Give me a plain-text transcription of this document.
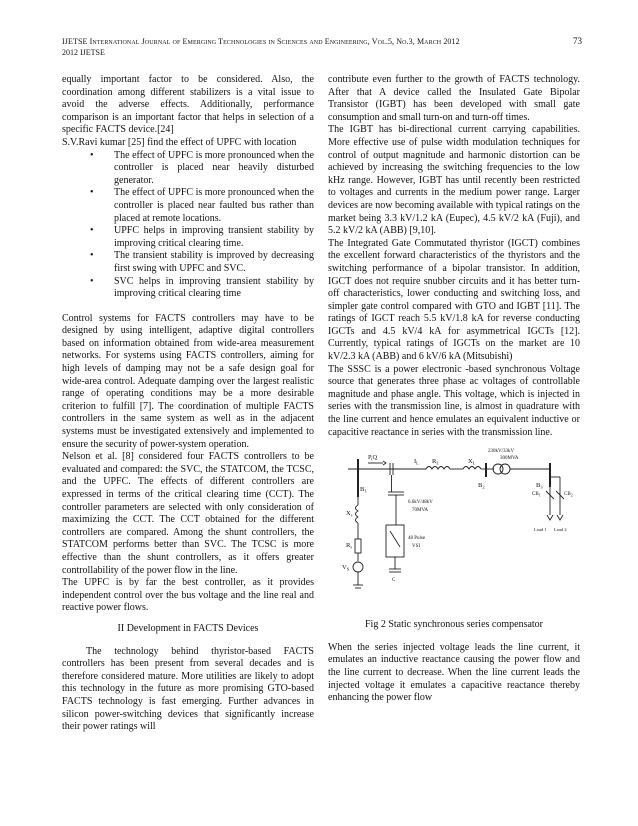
IJETSE International Journal of Emerging Technologies in Sciences and Engineering, Vol.5, No.3, March 2012
2012 IJETSE
73

equally important factor to be considered. Also, the coordination among different stabilizers is a vital issue to avoid the adverse effects. Additionally, performance comparison is an important factor that helps in selection of a specific FACTS device.[24]

S.V.Ravi kumar [25] find the effect of UPFC with location

• The effect of UPFC is more pronounced when the controller is placed near heavily disturbed generator.

• The effect of UPFC is more pronounced when the controller is placed near faulted bus rather than placed at remote locations.

• UPFC helps in improving transient stability by improving critical clearing time.

• The transient stability is improved by decreasing first swing with UPFC and SVC.

• SVC helps in improving transient stability by improving critical clearing time

Control systems for FACTS controllers may have to be designed by using intelligent, adaptive digital controllers based on information obtained from wide-area measurement networks. For systems using FACTS controllers, aiming for high levels of damping may not be a safe design goal for wide-area control. Adequate damping over the largest realistic range of operating conditions may be a more desirable criterion to fulfill [7]. The coordination of multiple FACTS controllers in the same system as well as in the adjacent systems must be investigated extensively and implemented to ensure the security of power-system operation.

Nelson et al. [8] considered four FACTS controllers to be evaluated and compared: the SVC, the STATCOM, the TCSC, and the UPFC. The effects of different controllers are expressed in terms of the critical clearing time (CCT). The controller parameters are selected with only consideration of maximizing the CCT. The CCT obtained for the different controllers are compared. Among the shunt controllers, the STATCOM performs better than SVC. The TCSC is more effective than the shunt controllers, as it offers greater controllability of the power flow in the line.

The UPFC is by far the best controller, as it provides independent control over the bus voltage and the line real and reactive power flows.

II Development in FACTS Devices

The technology behind thyristor-based FACTS controllers has been present from several decades and is therefore considered mature. More utilities are likely to adopt this technology in the future as more promising GTO-based FACTS technology is fast emerging. Further advances in silicon power-switching devices that significantly increase their power ratings will

contribute even further to the growth of FACTS technology. After that A device called the Insulated Gate Bipolar Transistor (IGBT) has been developed with small gate consumption and small turn-on and turn-off times.

The IGBT has bi-directional current carrying capabilities. More effective use of pulse width modulation techniques for control of output magnitude and harmonic distortion can be achieved by increasing the switching frequencies to the low kHz range. However, IGBT has until recently been restricted to voltages and currents in the medium power range. Larger devices are now becoming available with typical ratings on the market being 3.3 kV/1.2 kA (Eupec), 4.5 kV/2 kA (Fuji), and 5.2 kV/2 kA (ABB) [9,10].

The Integrated Gate Commutated thyristor (IGCT) combines the excellent forward characteristics of the thyristors and the switching performance of a bipolar transistor. In addition, IGCT does not require snubber circuits and it has better turn-off characteristics, lower conducting and switching loss, and simpler gate control compared with GTO and IGBT [11]. The ratings of IGCT reach 5.5 kV/1.8 kA for reverse conducting IGCTs and 4.5 kV/4 kA for asymmetrical IGCTs [12]. Currently, typical ratings of IGCTs on the market are 10 kV/2.3 kA (ABB) and 6 kV/6 kA (Mitsubishi)

The SSSC is a power electronic -based synchronous Voltage source that generates three phase ac voltages of controllable magnitude and phase angle. This voltage, which is injected in series with the transmission line, is almost in quadrature with the line current and hence emulates an equivalent inductive or capacitive reactance in series with the transmission line.

P,Q
$I_L$ $R_L$	$X_L$
$X_s$
$R_s$
$V_S$
$B_1$
$B_2$	$B_3$
230kV/33kV
300MVA
6.6kV/48kV
70MVA
48 Pulse
VSI
C
$CB_1$	$CB_2$
Load 1 Load 2

Fig 2 Static synchronous series compensator

When the series injected voltage leads the line current, it emulates an inductive reactance causing the power flow and the line current to decrease. When the line current leads the injected voltage it emulates a capacitive reactance thereby enhancing the power flow
